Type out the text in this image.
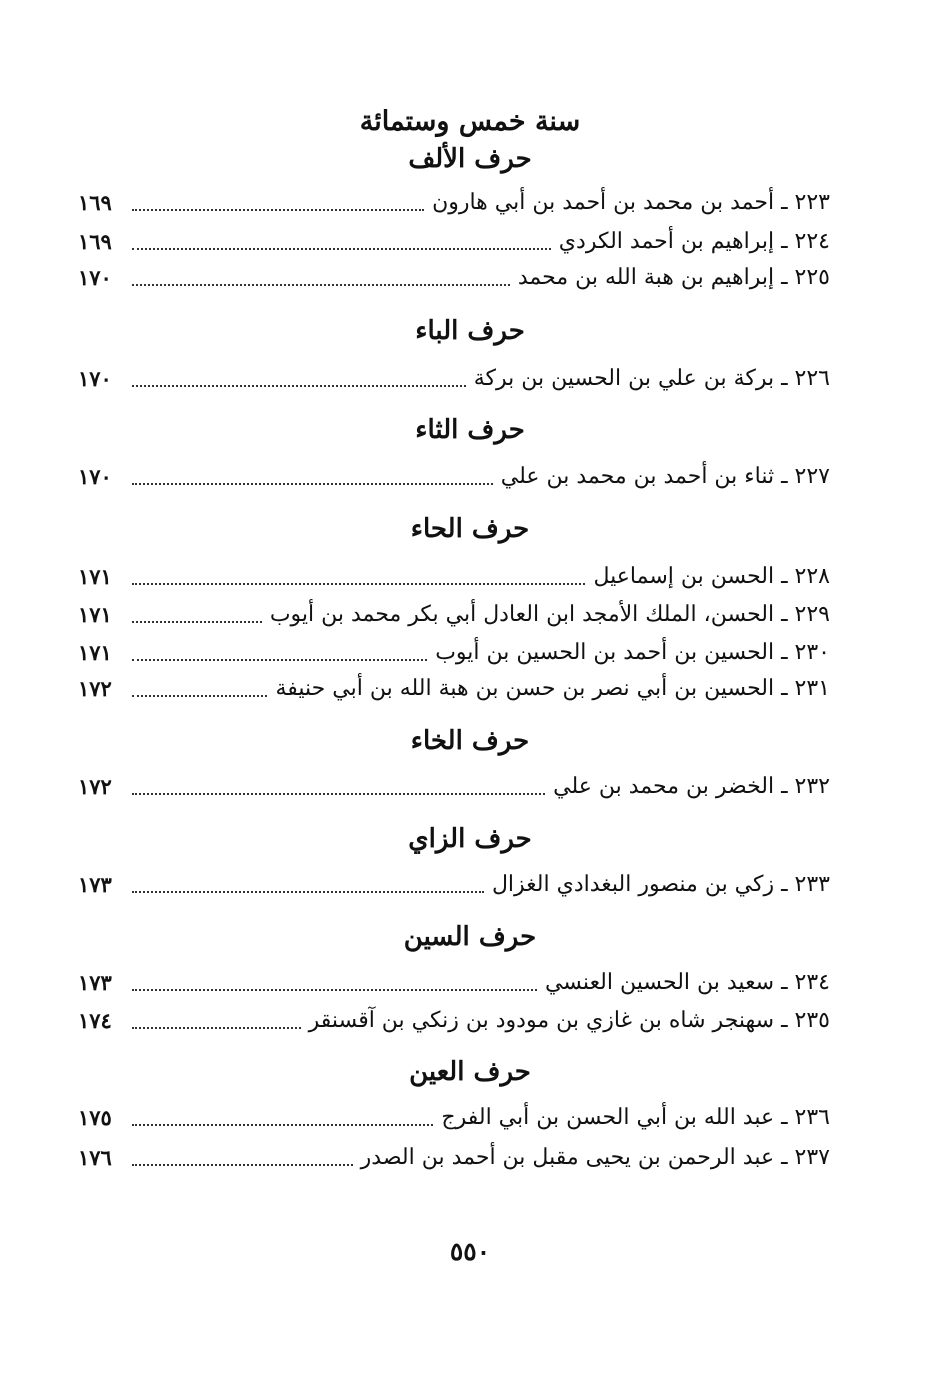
سنة خمس وستمائة
حرف الألف
٢٢٣ ـ أحمد بن محمد بن أحمد بن أبي هارون
١٦٩
٢٢٤ ـ إبراهيم بن أحمد الكردي
١٦٩
٢٢٥ ـ إبراهيم بن هبة الله بن محمد
١٧٠
حرف الباء
٢٢٦ ـ بركة بن علي بن الحسين بن بركة
١٧٠
حرف الثاء
٢٢٧ ـ ثناء بن أحمد بن محمد بن علي
١٧٠
حرف الحاء
٢٢٨ ـ الحسن بن إسماعيل
١٧١
٢٢٩ ـ الحسن، الملك الأمجد ابن العادل أبي بكر محمد بن أيوب
١٧١
٢٣٠ ـ الحسين بن أحمد بن الحسين بن أيوب
١٧١
٢٣١ ـ الحسين بن أبي نصر بن حسن بن هبة الله بن أبي حنيفة
١٧٢
حرف الخاء
٢٣٢ ـ الخضر بن محمد بن علي
١٧٢
حرف الزاي
٢٣٣ ـ زكي بن منصور البغدادي الغزال
١٧٣
حرف السين
٢٣٤ ـ سعيد بن الحسين العنسي
١٧٣
٢٣٥ ـ سهنجر شاه بن غازي بن مودود بن زنكي بن آقسنقر
١٧٤
حرف العين
٢٣٦ ـ عبد الله بن أبي الحسن بن أبي الفرج
١٧٥
٢٣٧ ـ عبد الرحمن بن يحيى مقبل بن أحمد بن الصدر
١٧٦
٥٥٠
